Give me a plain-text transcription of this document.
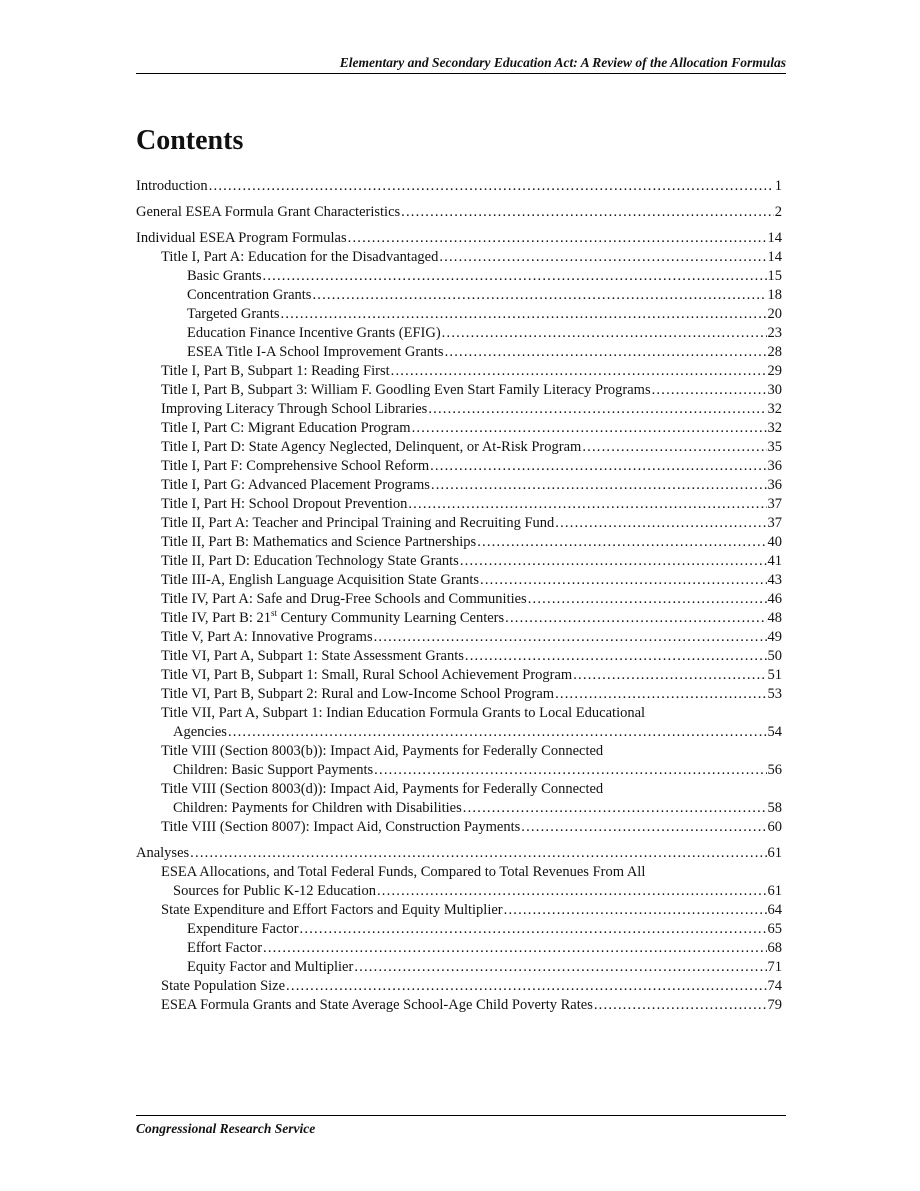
Elementary and Secondary Education Act: A Review of the Allocation Formulas
Contents
Introduction .....	1
General ESEA Formula Grant Characteristics .....	2
Individual ESEA Program Formulas .....	14
Title I, Part A: Education for the Disadvantaged .....	14
Basic Grants .....	15
Concentration Grants .....	18
Targeted Grants .....	20
Education Finance Incentive Grants (EFIG) .....	23
ESEA Title I-A School Improvement Grants .....	28
Title I, Part B, Subpart 1: Reading First .....	29
Title I, Part B, Subpart 3: William F. Goodling Even Start Family Literacy Programs .....	30
Improving Literacy Through School Libraries .....	32
Title I, Part C: Migrant Education Program .....	32
Title I, Part D: State Agency Neglected, Delinquent, or At-Risk Program .....	35
Title I, Part F: Comprehensive School Reform .....	36
Title I, Part G: Advanced Placement Programs .....	36
Title I, Part H: School Dropout Prevention .....	37
Title II, Part A: Teacher and Principal Training and Recruiting Fund .....	37
Title II, Part B: Mathematics and Science Partnerships .....	40
Title II, Part D: Education Technology State Grants .....	41
Title III-A, English Language Acquisition State Grants .....	43
Title IV, Part A: Safe and Drug-Free Schools and Communities .....	46
Title IV, Part B: 21st Century Community Learning Centers .....	48
Title V, Part A: Innovative Programs .....	49
Title VI, Part A, Subpart 1: State Assessment Grants .....	50
Title VI, Part B, Subpart 1: Small, Rural School Achievement Program .....	51
Title VI, Part B, Subpart 2: Rural and Low-Income School Program .....	53
Title VII, Part A, Subpart 1: Indian Education Formula Grants to Local Educational
Agencies .....	54
Title VIII (Section 8003(b)): Impact Aid, Payments for Federally Connected
Children: Basic Support Payments .....	56
Title VIII (Section 8003(d)): Impact Aid, Payments for Federally Connected
Children: Payments for Children with Disabilities .....	58
Title VIII (Section 8007): Impact Aid, Construction Payments .....	60
Analyses .....	61
ESEA Allocations, and Total Federal Funds, Compared to Total Revenues From All
Sources for Public K-12 Education .....	61
State Expenditure and Effort Factors and Equity Multiplier .....	64
Expenditure Factor .....	65
Effort Factor .....	68
Equity Factor and Multiplier .....	71
State Population Size .....	74
ESEA Formula Grants and State Average School-Age Child Poverty Rates .....	79
Congressional Research Service
